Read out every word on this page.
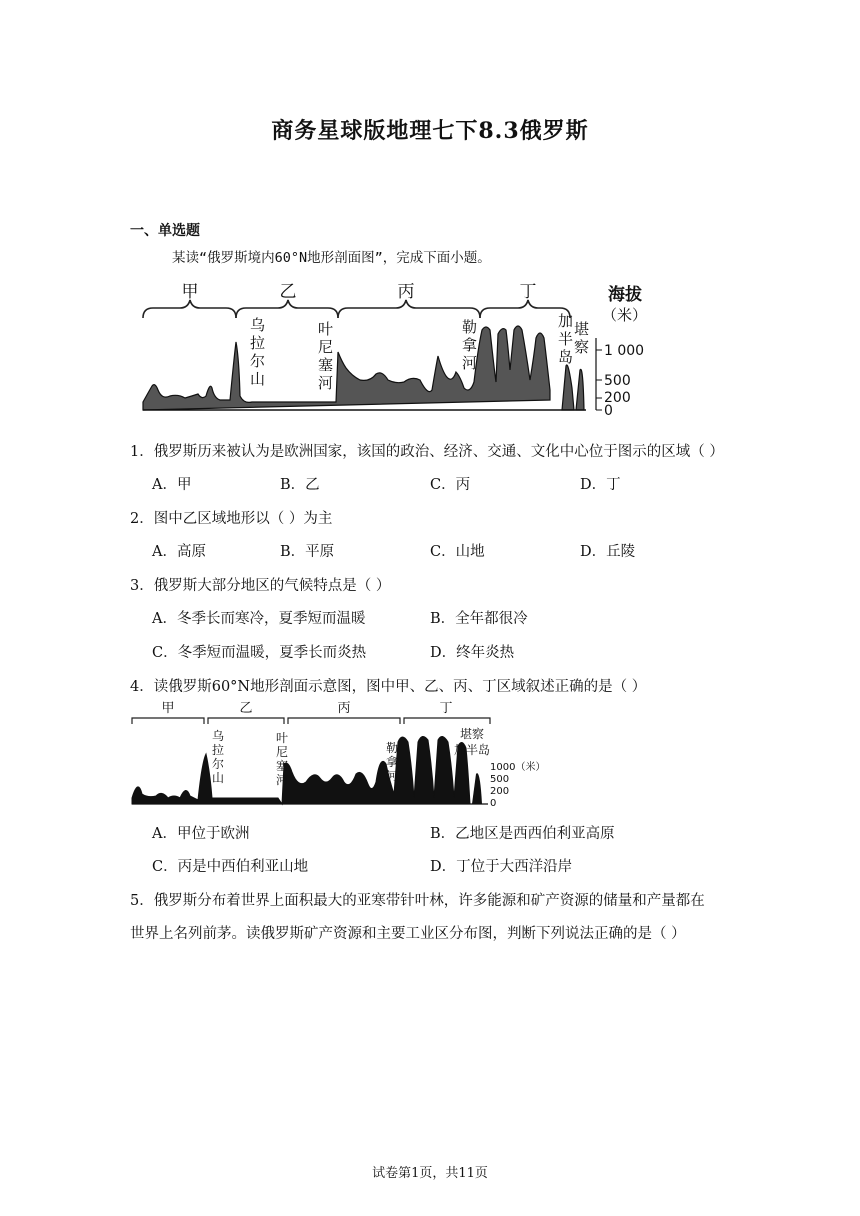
商务星球版地理七下8.3俄罗斯
一、单选题
某读“俄罗斯境内60°N地形剖面图”，完成下面小题。
甲	乙	丙	丁
乌
拉
尔
山
叶
尼
塞
河
勒
拿
河
加
半
岛
堪
察
海拔
（米）
1 000
500
200
0
1．俄罗斯历来被认为是欧洲国家，该国的政治、经济、交通、文化中心位于图示的区域（ ）
A．甲	B．乙	C．丙	D．丁
2．图中乙区域地形以（ ）为主
A．高原	B．平原	C．山地	D．丘陵
3．俄罗斯大部分地区的气候特点是（ ）
A．冬季长而寒冷，夏季短而温暖	B．全年都很冷
C．冬季短而温暖，夏季长而炎热	D．终年炎热
4．读俄罗斯60°N地形剖面示意图，图中甲、乙、丙、丁区域叙述正确的是（ ）
甲	乙	丙	丁
乌
拉
尔
山
叶
尼
塞
河
勒
拿
河
堪察
加半岛
1000（米）
500
200
0
A．甲位于欧洲	B．乙地区是西西伯利亚高原
C．丙是中西伯利亚山地	D．丁位于大西洋沿岸
5．俄罗斯分布着世界上面积最大的亚寒带针叶林，许多能源和矿产资源的储量和产量都在
世界上名列前茅。读俄罗斯矿产资源和主要工业区分布图，判断下列说法正确的是（ ）
试卷第1页，共11页
